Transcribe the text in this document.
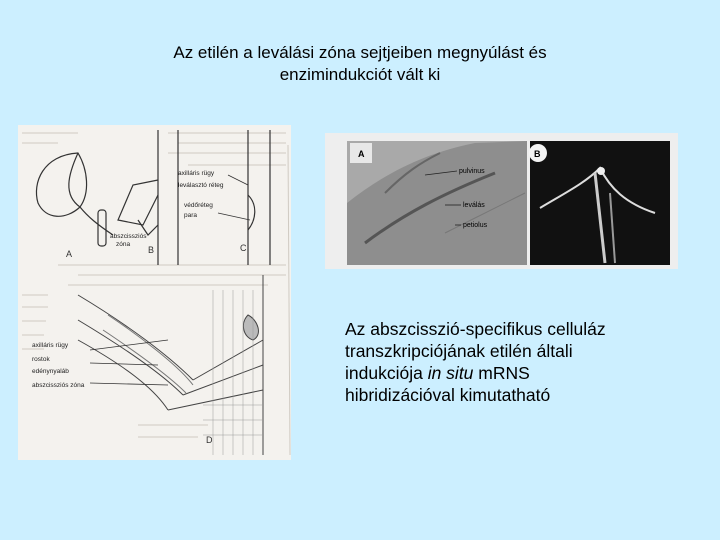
Az etilén a leválási zóna sejtjeiben megnyúlást és
enzimindukciót vált ki
A	B	C
D
axilláris rügy
leválasztó réteg
védőréteg
para
abszcissziós
zóna
axilláris rügy
rostok
edénynyaláb
abszcissziós zóna
A	B
pulvinus
leválás
petiolus
Az abszcisszió-specifikus celluláz
transzkripciójának etilén általi
indukciója in situ mRNS
hibridizációval kimutatható
